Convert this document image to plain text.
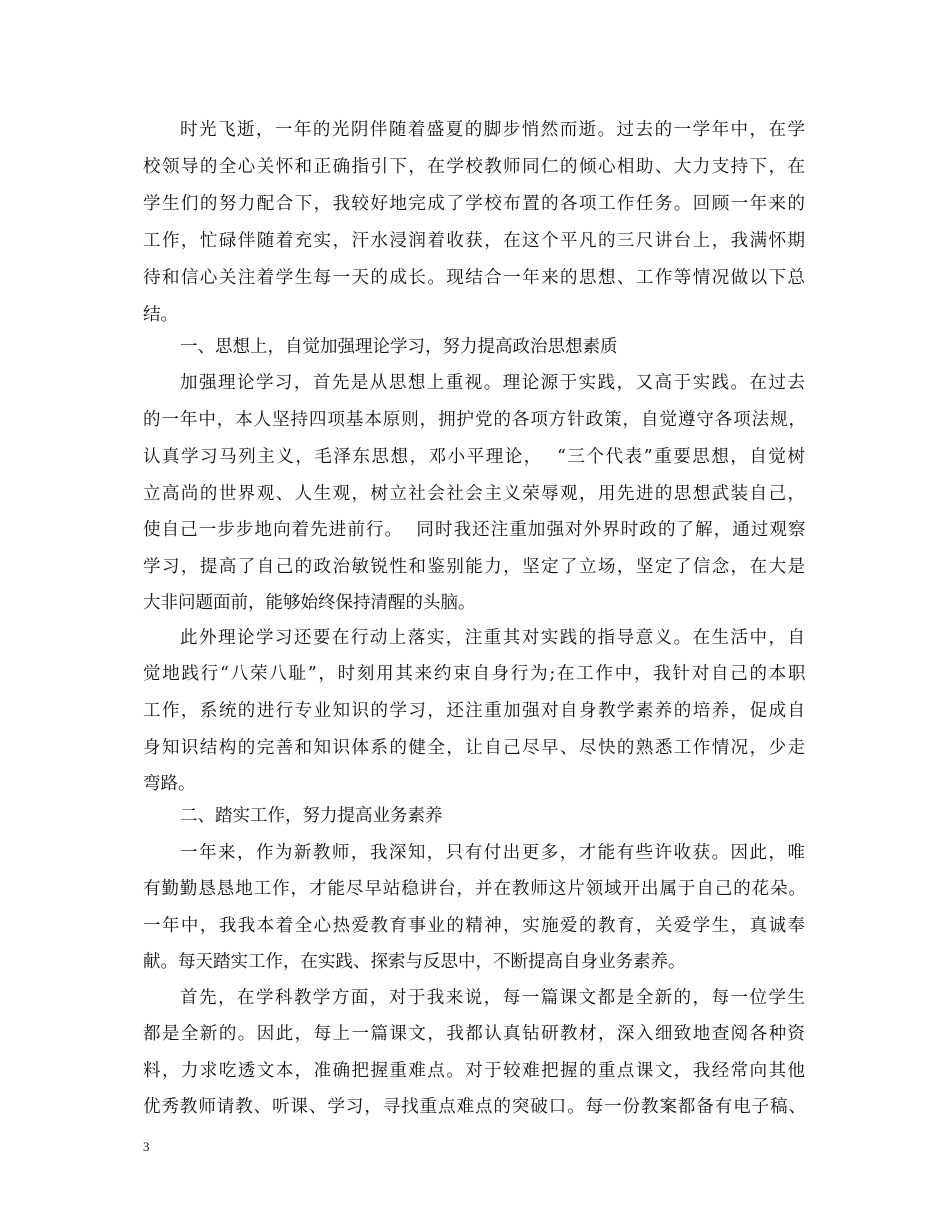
时光飞逝，一年的光阴伴随着盛夏的脚步悄然而逝。过去的一学年中，在学
校领导的全心关怀和正确指引下，在学校教师同仁的倾心相助、大力支持下，在
学生们的努力配合下，我较好地完成了学校布置的各项工作任务。回顾一年来的
工作，忙碌伴随着充实，汗水浸润着收获，在这个平凡的三尺讲台上，我满怀期
待和信心关注着学生每一天的成长。现结合一年来的思想、工作等情况做以下总
结。
一、思想上，自觉加强理论学习，努力提高政治思想素质
加强理论学习，首先是从思想上重视。理论源于实践，又高于实践。在过去
的一年中，本人坚持四项基本原则，拥护党的各项方针政策，自觉遵守各项法规，
认真学习马列主义，毛泽东思想，邓小平理论，  “三个代表”重要思想，自觉树
立高尚的世界观、人生观，树立社会社会主义荣辱观，用先进的思想武装自己，
使自己一步步地向着先进前行。  同时我还注重加强对外界时政的了解，通过观察
学习，提高了自己的政治敏锐性和鉴别能力，坚定了立场，坚定了信念，在大是
大非问题面前，能够始终保持清醒的头脑。
此外理论学习还要在行动上落实，注重其对实践的指导意义。在生活中，自
觉地践行“八荣八耻”，时刻用其来约束自身行为;在工作中，我针对自己的本职
工作，系统的进行专业知识的学习，还注重加强对自身教学素养的培养，促成自
身知识结构的完善和知识体系的健全，让自己尽早、尽快的熟悉工作情况，少走
弯路。
二、踏实工作，努力提高业务素养
一年来，作为新教师，我深知，只有付出更多，才能有些许收获。因此，唯
有勤勤恳恳地工作，才能尽早站稳讲台，并在教师这片领域开出属于自己的花朵。
一年中，我我本着全心热爱教育事业的精神，实施爱的教育，关爱学生，真诚奉
献。每天踏实工作，在实践、探索与反思中，不断提高自身业务素养。
首先，在学科教学方面，对于我来说，每一篇课文都是全新的，每一位学生
都是全新的。因此，每上一篇课文，我都认真钻研教材，深入细致地查阅各种资
料，力求吃透文本，准确把握重难点。对于较难把握的重点课文，我经常向其他
优秀教师请教、听课、学习，寻找重点难点的突破口。每一份教案都备有电子稿、
3
